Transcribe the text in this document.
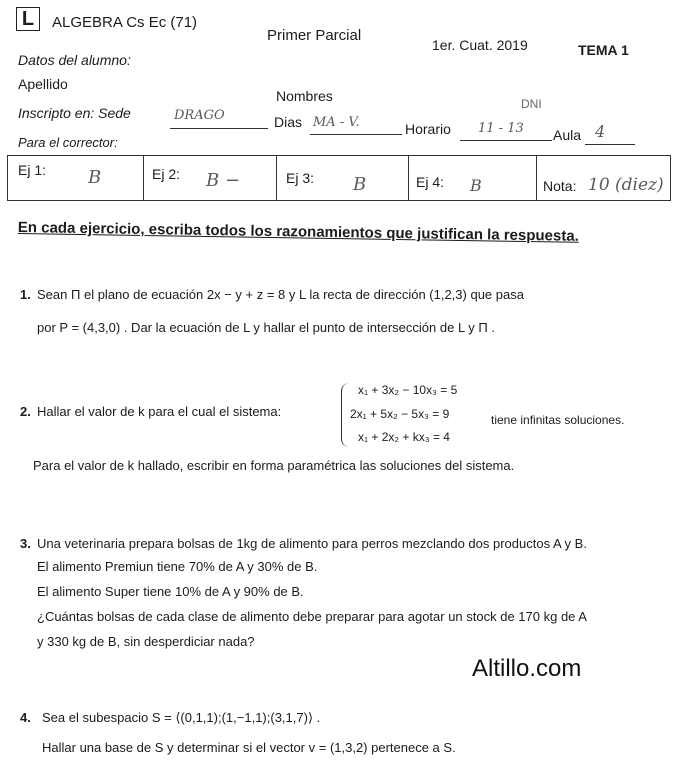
L	ALGEBRA Cs Ec (71)
Primer Parcial
1er. Cuat. 2019	TEMA 1
Datos del alumno:
Apellido
Nombres	DNI
Inscripto en: Sede	DRAGO	Dias MA - V.	Horario 11 - 13 Aula 4
Para el corrector:
Ej 1: B	Ej 2: B −	Ej 3: B	Ej 4: B	Nota: 10 (diez)
En cada ejercicio, escriba todos los razonamientos que justifican la respuesta.
1. Sean Π el plano de ecuación 2x − y + z = 8 y L la recta de dirección (1,2,3) que pasa
por P = (4,3,0) . Dar la ecuación de L y hallar el punto de intersección de L y Π .
2. Hallar el valor de k para el cual el sistema:
x₁ + 3x₂ − 10x₃ = 5
2x₁ + 5x₂ − 5x₃ = 9
x₁ + 2x₂ + kx₃ = 4
tiene infinitas soluciones.
Para el valor de k hallado, escribir en forma paramétrica las soluciones del sistema.
3. Una veterinaria prepara bolsas de 1kg de alimento para perros mezclando dos productos A y B.
El alimento Premiun tiene 70% de A y 30% de B.
El alimento Super tiene 10% de A y 90% de B.
¿Cuántas bolsas de cada clase de alimento debe preparar para agotar un stock de 170 kg de A
y 330 kg de B, sin desperdiciar nada?
Altillo.com
4. Sea el subespacio S = ⟨(0,1,1);(1,−1,1);(3,1,7)⟩ .
Hallar una base de S y determinar si el vector v = (1,3,2) pertenece a S.
